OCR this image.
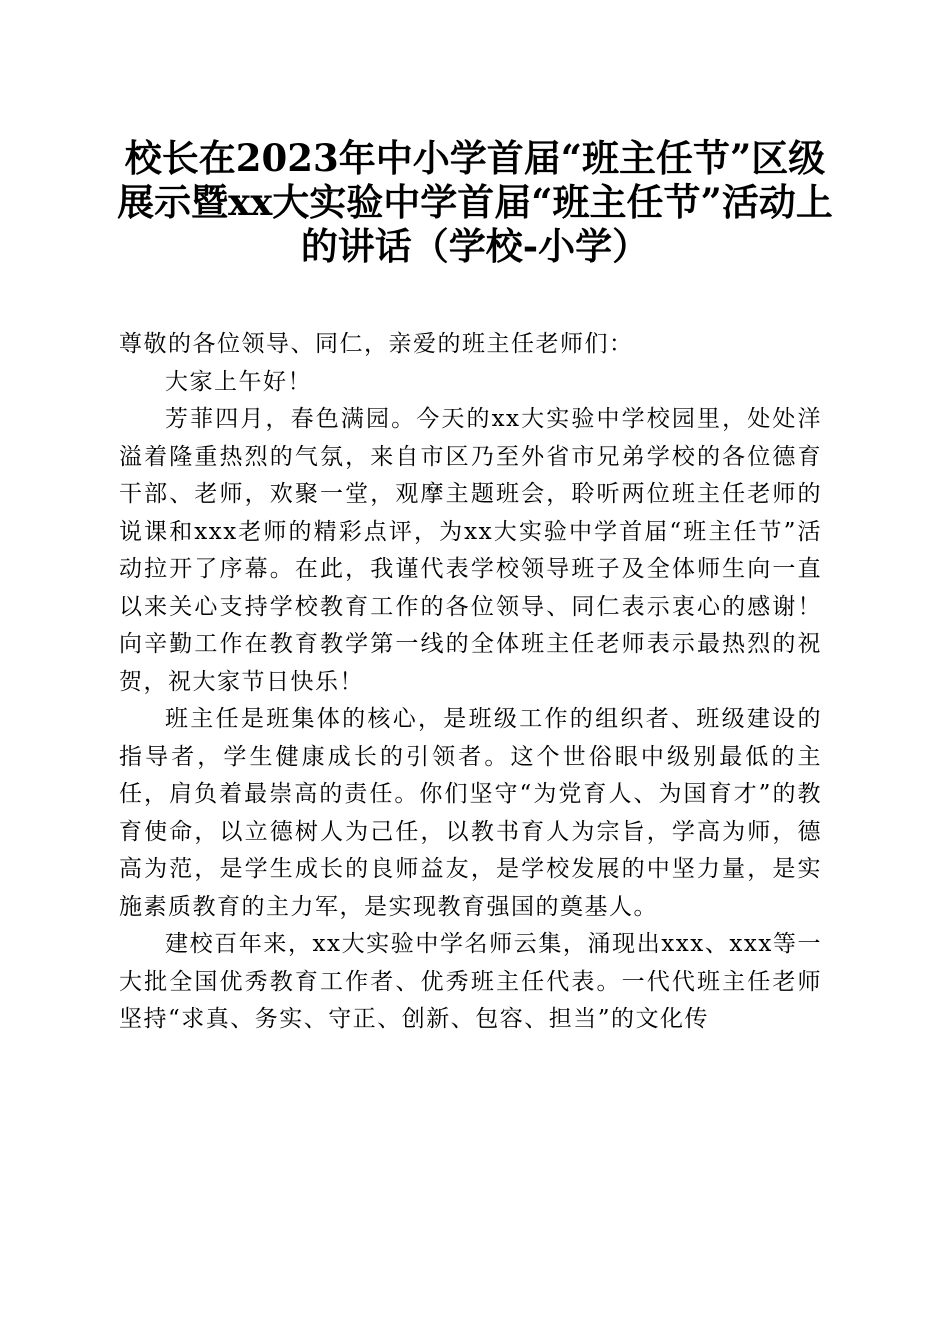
校长在2023年中小学首届“班主任节”区级展示暨xx大实验中学首届“班主任节”活动上的讲话（学校-小学）

尊敬的各位领导、同仁，亲爱的班主任老师们：

大家上午好！

芳菲四月，春色满园。今天的xx大实验中学校园里，处处洋溢着隆重热烈的气氛，来自市区乃至外省市兄弟学校的各位德育干部、老师，欢聚一堂，观摩主题班会，聆听两位班主任老师的说课和xxx老师的精彩点评，为xx大实验中学首届“班主任节”活动拉开了序幕。在此，我谨代表学校领导班子及全体师生向一直以来关心支持学校教育工作的各位领导、同仁表示衷心的感谢！向辛勤工作在教育教学第一线的全体班主任老师表示最热烈的祝贺，祝大家节日快乐！

班主任是班集体的核心，是班级工作的组织者、班级建设的指导者，学生健康成长的引领者。这个世俗眼中级别最低的主任，肩负着最崇高的责任。你们坚守“为党育人、为国育才”的教育使命，以立德树人为己任，以教书育人为宗旨，学高为师，德高为范，是学生成长的良师益友，是学校发展的中坚力量，是实施素质教育的主力军，是实现教育强国的奠基人。

建校百年来，xx大实验中学名师云集，涌现出xxx、xxx等一大批全国优秀教育工作者、优秀班主任代表。一代代班主任老师坚持“求真、务实、守正、创新、包容、担当”的文化传
